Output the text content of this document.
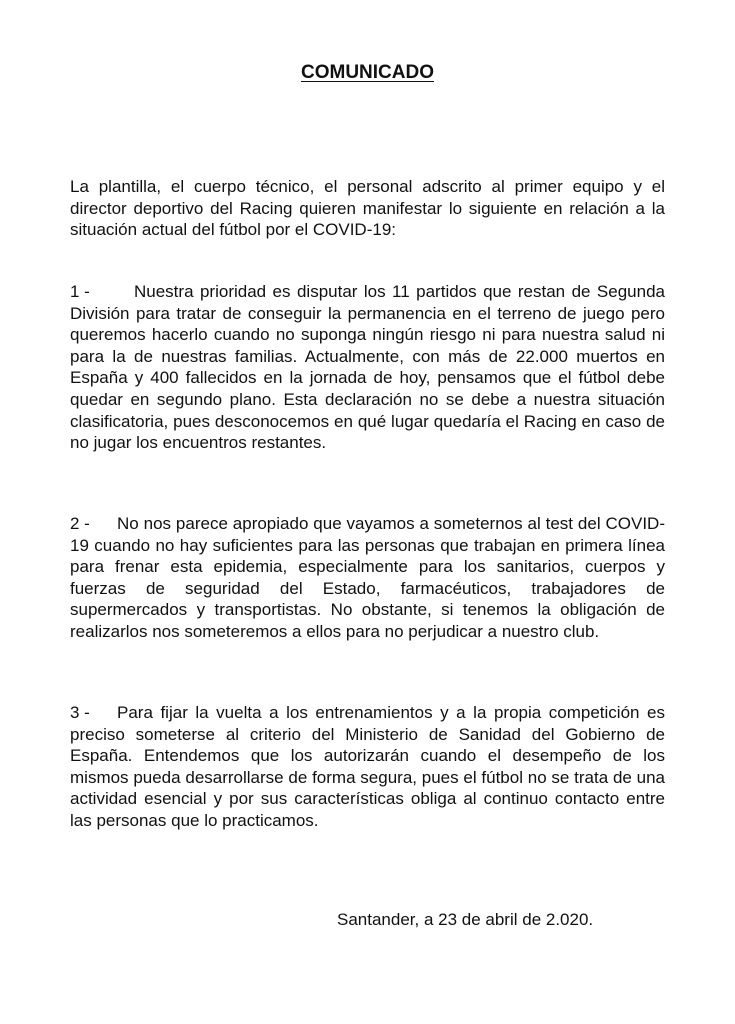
COMUNICADO

La plantilla, el cuerpo técnico, el personal adscrito al primer equipo y el director deportivo del Racing quieren manifestar lo siguiente en relación a la situación actual del fútbol por el COVID-19:

1 -	Nuestra prioridad es disputar los 11 partidos que restan de Segunda División para tratar de conseguir la permanencia en el terreno de juego pero queremos hacerlo cuando no suponga ningún riesgo ni para nuestra salud ni para la de nuestras familias. Actualmente, con más de 22.000 muertos en España y 400 fallecidos en la jornada de hoy, pensamos que el fútbol debe quedar en segundo plano. Esta declaración no se debe a nuestra situación clasificatoria, pues desconocemos en qué lugar quedaría el Racing en caso de no jugar los encuentros restantes.

2 - No nos parece apropiado que vayamos a someternos al test del COVID-19 cuando no hay suficientes para las personas que trabajan en primera línea para frenar esta epidemia, especialmente para los sanitarios, cuerpos y fuerzas de seguridad del Estado, farmacéuticos, trabajadores de supermercados y transportistas. No obstante, si tenemos la obligación de realizarlos nos someteremos a ellos para no perjudicar a nuestro club.

3 - Para fijar la vuelta a los entrenamientos y a la propia competición es preciso someterse al criterio del Ministerio de Sanidad del Gobierno de España. Entendemos que los autorizarán cuando el desempeño de los mismos pueda desarrollarse de forma segura, pues el fútbol no se trata de una actividad esencial y por sus características obliga al continuo contacto entre las personas que lo practicamos.

Santander, a 23 de abril de 2.020.
